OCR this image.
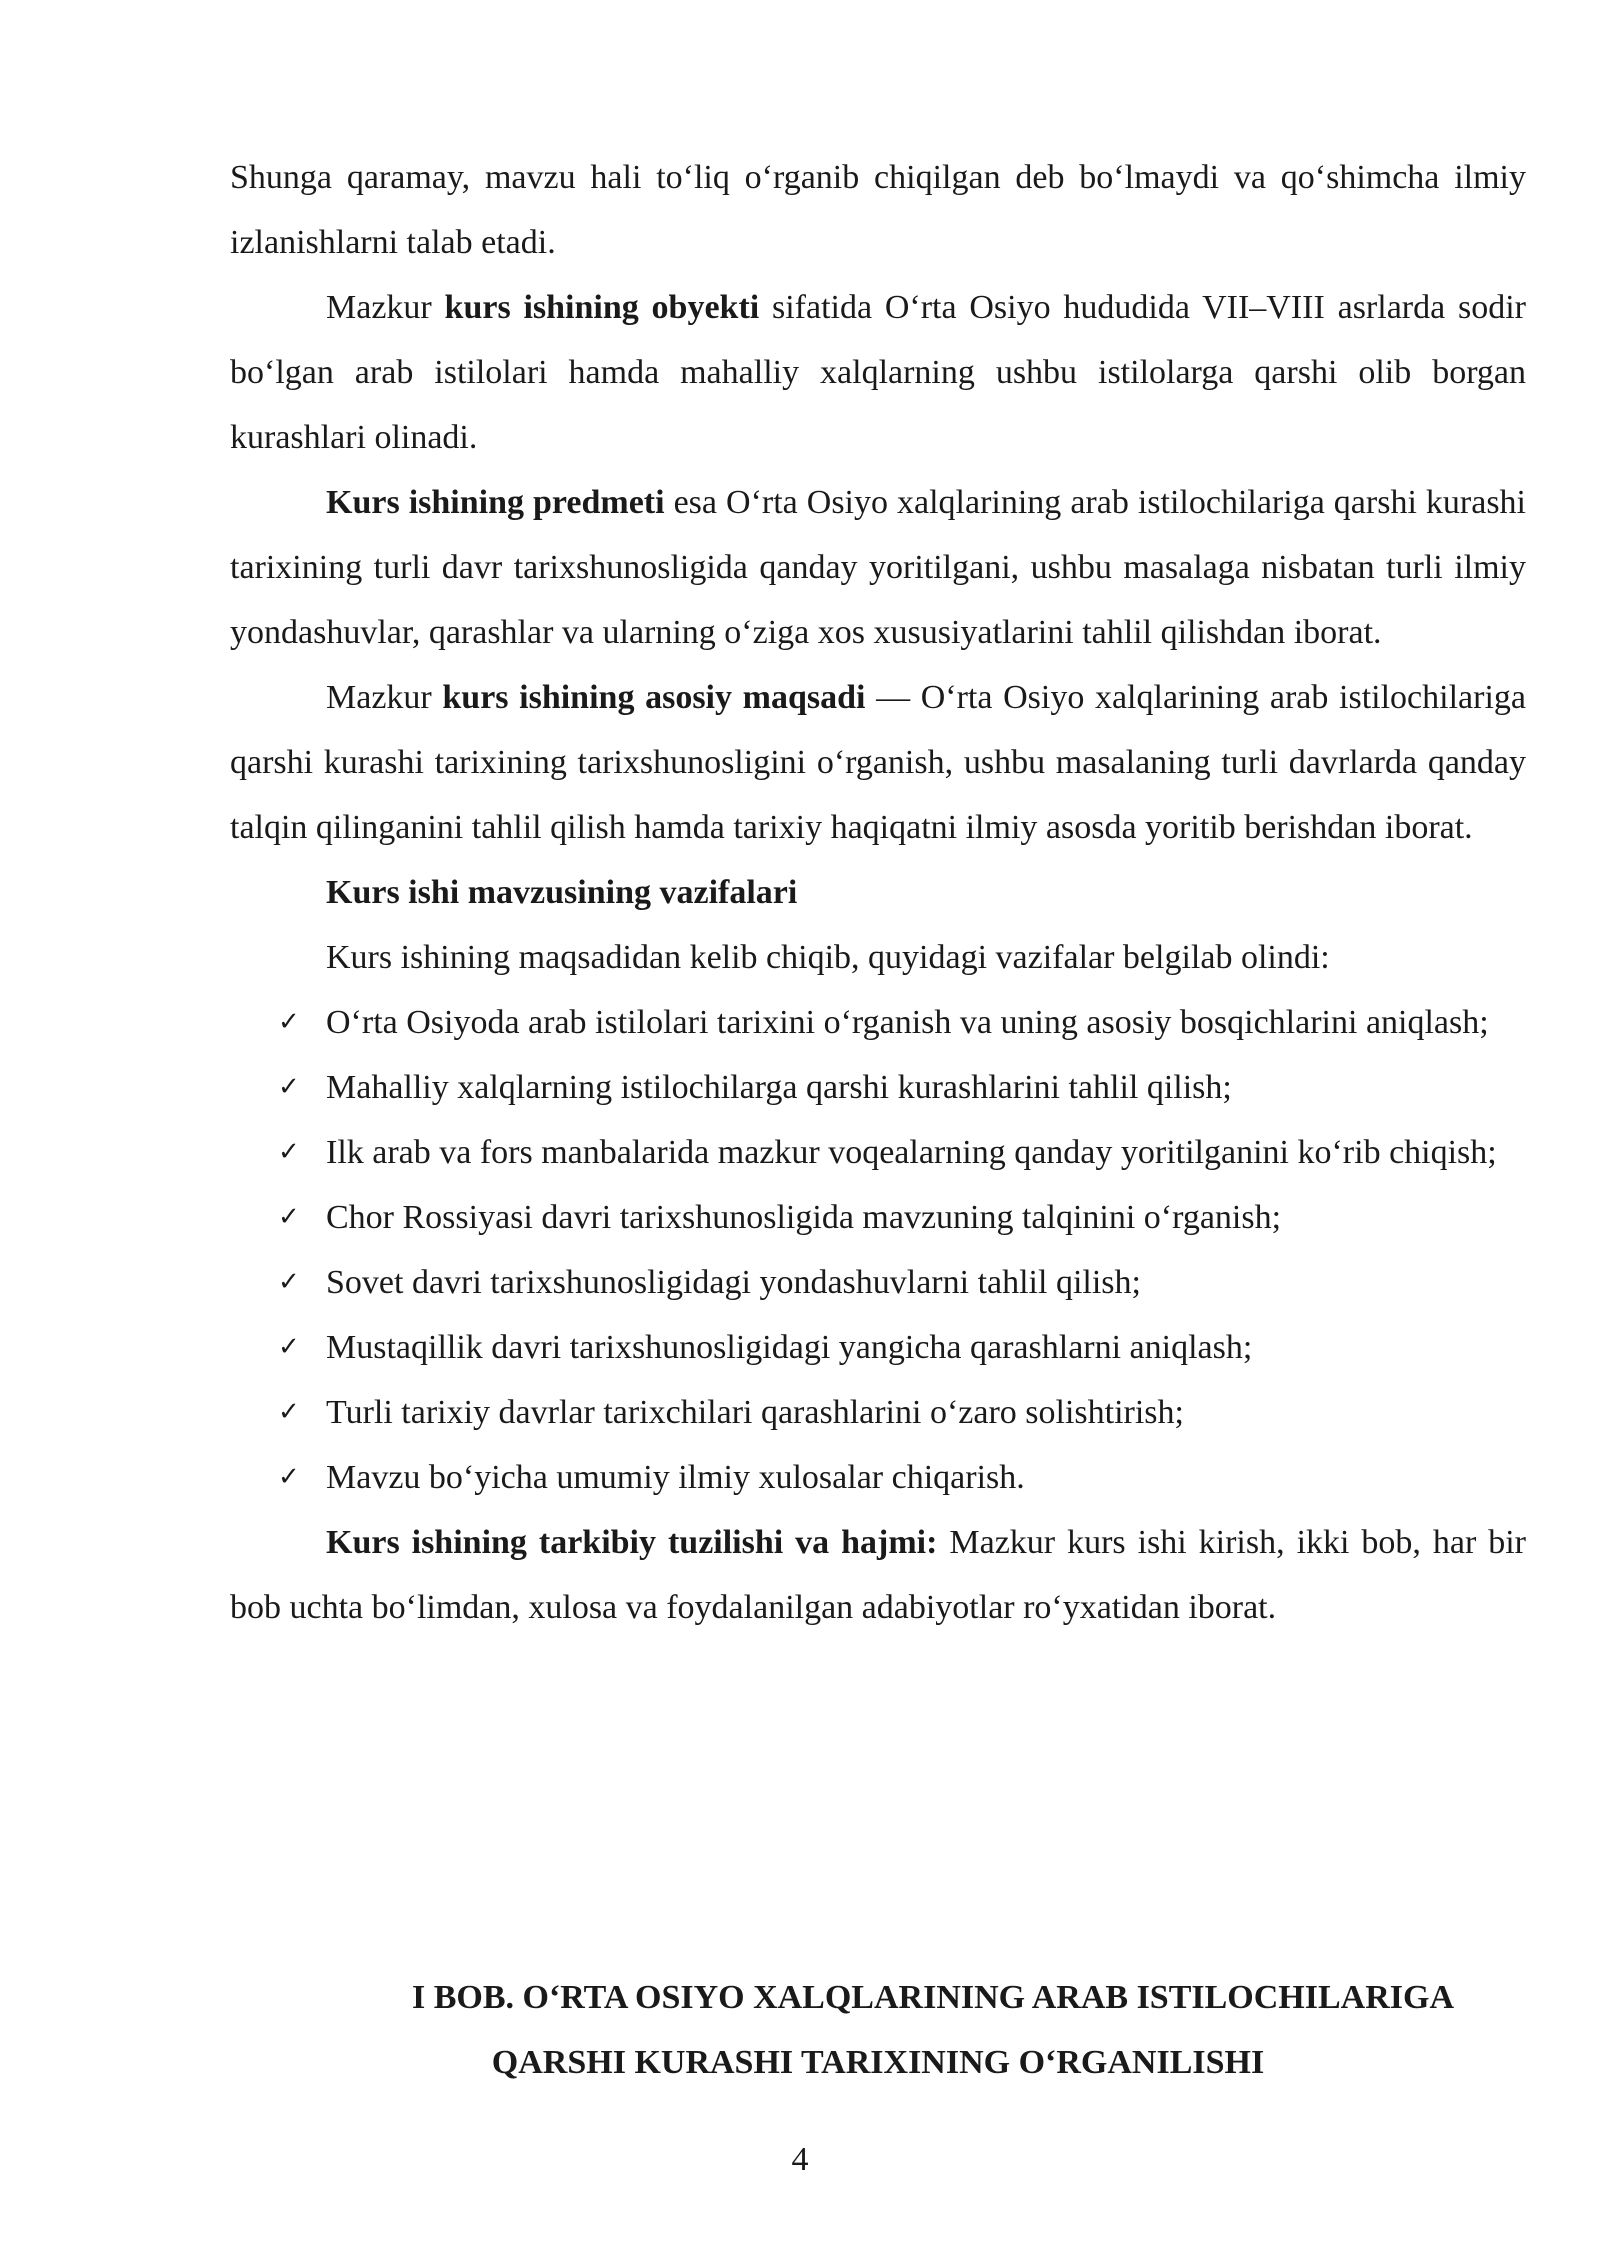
Shunga qaramay, mavzu hali to‘liq o‘rganib chiqilgan deb bo‘lmaydi va qo‘shimcha ilmiy izlanishlarni talab etadi.

Mazkur kurs ishining obyekti sifatida O‘rta Osiyo hududida VII–VIII asrlarda sodir bo‘lgan arab istilolari hamda mahalliy xalqlarning ushbu istilolarga qarshi olib borgan kurashlari olinadi.

Kurs ishining predmeti esa O‘rta Osiyo xalqlarining arab istilochilariga qarshi kurashi tarixining turli davr tarixshunosligida qanday yoritilgani, ushbu masalaga nisbatan turli ilmiy yondashuvlar, qarashlar va ularning o‘ziga xos xususiyatlarini tahlil qilishdan iborat.

Mazkur kurs ishining asosiy maqsadi — O‘rta Osiyo xalqlarining arab istilochilariga qarshi kurashi tarixining tarixshunosligini o‘rganish, ushbu masalaning turli davrlarda qanday talqin qilinganini tahlil qilish hamda tarixiy haqiqatni ilmiy asosda yoritib berishdan iborat.

Kurs ishi mavzusining vazifalari

Kurs ishining maqsadidan kelib chiqib, quyidagi vazifalar belgilab olindi:

✓ O‘rta Osiyoda arab istilolari tarixini o‘rganish va uning asosiy bosqichlarini aniqlash;
✓ Mahalliy xalqlarning istilochilarga qarshi kurashlarini tahlil qilish;
✓ Ilk arab va fors manbalarida mazkur voqealarning qanday yoritilganini ko‘rib chiqish;
✓ Chor Rossiyasi davri tarixshunosligida mavzuning talqinini o‘rganish;
✓ Sovet davri tarixshunosligidagi yondashuvlarni tahlil qilish;
✓ Mustaqillik davri tarixshunosligidagi yangicha qarashlarni aniqlash;
✓ Turli tarixiy davrlar tarixchilari qarashlarini o‘zaro solishtirish;
✓ Mavzu bo‘yicha umumiy ilmiy xulosalar chiqarish.

Kurs ishining tarkibiy tuzilishi va hajmi: Mazkur kurs ishi kirish, ikki bob, har bir bob uchta bo‘limdan, xulosa va foydalanilgan adabiyotlar ro‘yxatidan iborat.

I BOB. O‘RTA OSIYO XALQLARINING ARAB ISTILOCHILARIGA
QARSHI KURASHI TARIXINING O‘RGANILISHI
4
